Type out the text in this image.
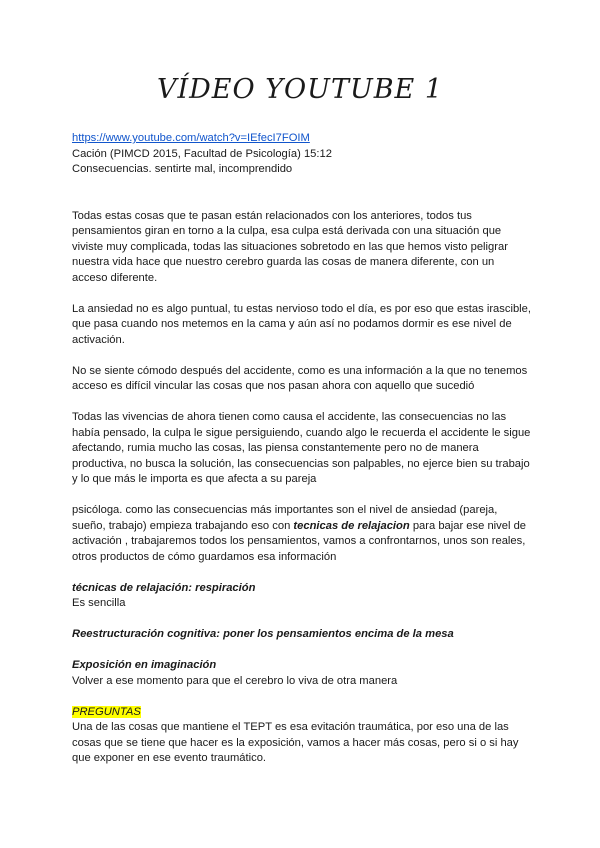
VÍDEO YOUTUBE 1

https://www.youtube.com/watch?v=IEfecI7FOIM

Cación (PIMCD 2015, Facultad de Psicología) 15:12

Consecuencias. sentirte mal, incomprendido

Todas estas cosas que te pasan están relacionados con los anteriores, todos tus pensamientos giran en torno a la culpa, esa culpa está derivada con una situación que viviste muy complicada, todas las situaciones sobretodo en las que hemos visto peligrar nuestra vida hace que nuestro cerebro guarda las cosas de manera diferente, con un acceso diferente.

La ansiedad no es algo puntual, tu estas nervioso todo el día, es por eso que estas irascible, que pasa cuando nos metemos en la cama y aún así no podamos dormir es ese nivel de activación.

No se siente cómodo después del accidente, como es una información a la que no tenemos acceso es difícil vincular las cosas que nos pasan ahora con aquello que sucedió

Todas las vivencias de ahora tienen como causa el accidente, las consecuencias no las había pensado, la culpa le sigue persiguiendo, cuando algo le recuerda el accidente le sigue afectando, rumia mucho las cosas, las piensa constantemente pero no de manera productiva, no busca la solución, las consecuencias son palpables, no ejerce bien su trabajo y lo que más le importa es que afecta a su pareja

psicóloga. como las consecuencias más importantes son el nivel de ansiedad (pareja, sueño, trabajo) empieza trabajando eso con tecnicas de relajacion para bajar ese nivel de activación , trabajaremos todos los pensamientos, vamos a confrontarnos, unos son reales, otros productos de cómo guardamos esa información

técnicas de relajación: respiración

Es sencilla

Reestructuración cognitiva: poner los pensamientos encima de la mesa

Exposición en imaginación

Volver a ese momento para que el cerebro lo viva de otra manera

PREGUNTAS

Una de las cosas que mantiene el TEPT es esa evitación traumática, por eso una de las cosas que se tiene que hacer es la exposición, vamos a hacer más cosas, pero si o si hay que exponer en ese evento traumático.
